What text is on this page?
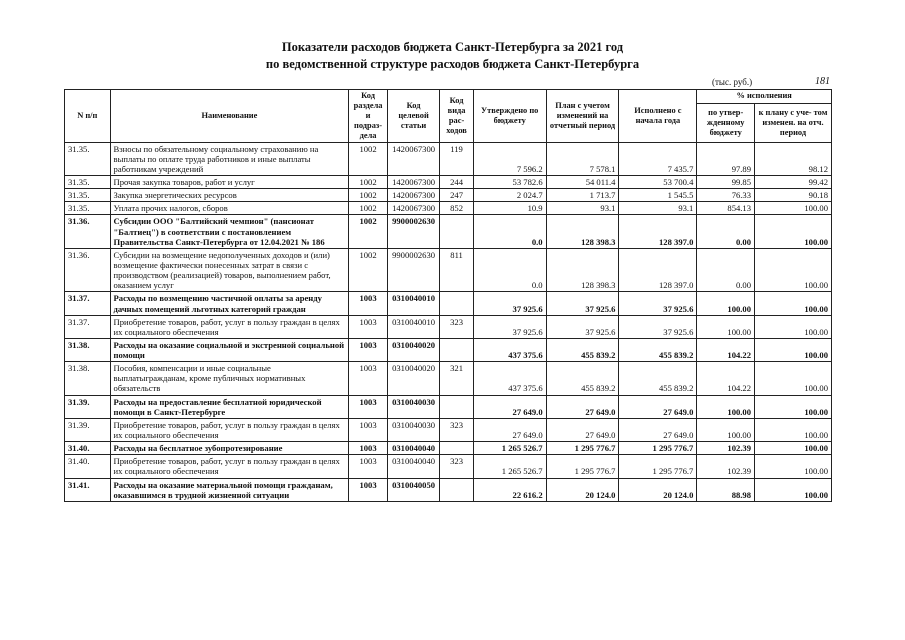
Показатели расходов бюджета Санкт-Петербурга за 2021 год
по ведомственной структуре расходов бюджета Санкт-Петербурга
(тыс. руб.)	181
N п/п	Наименование	Код раздела и подраз- дела	Код целевой статьи	Код вида рас- ходов	Утверждено по бюджету	План с учетом изменений на отчетный период	Исполнено с начала года	% исполнения	
								по утвер- жденному бюджету	к плану с уче- том изменен. на отч. период
31.35.	Взносы по обязательному социальному страхованию на выплаты по оплате труда работников и иные выплаты работникам учреждений	1002	1420067300	119	7 596.2	7 578.1	7 435.7	97.89	98.12
31.35.	Прочая закупка товаров, работ и услуг	1002	1420067300	244	53 782.6	54 011.4	53 700.4	99.85	99.42
31.35.	Закупка энергетических ресурсов	1002	1420067300	247	2 024.7	1 713.7	1 545.5	76.33	90.18
31.35.	Уплата прочих налогов, сборов	1002	1420067300	852	10.9	93.1	93.1	854.13	100.00
31.36.	Субсидии ООО "Балтийский чемпион" (пансионат "Балтиец") в соответствии с постановлением Правительства Санкт-Петербурга от 12.04.2021 № 186	1002	9900002630		0.0	128 398.3	128 397.0	0.00	100.00
31.36.	Субсидии на возмещение недополученных доходов и (или) возмещение фактически понесенных затрат в связи с производством (реализацией) товаров, выполнением работ, оказанием услуг	1002	9900002630	811	0.0	128 398.3	128 397.0	0.00	100.00
31.37.	Расходы по возмещению частичной оплаты за аренду дачных помещений льготных категорий граждан	1003	0310040010		37 925.6	37 925.6	37 925.6	100.00	100.00
31.37.	Приобретение товаров, работ, услуг в пользу граждан в целях их социального обеспечения	1003	0310040010	323	37 925.6	37 925.6	37 925.6	100.00	100.00
31.38.	Расходы на оказание социальной и экстренной социальной помощи	1003	0310040020		437 375.6	455 839.2	455 839.2	104.22	100.00
31.38.	Пособия, компенсации и иные социальные выплатыгражданам, кроме публичных нормативных обязательств	1003	0310040020	321	437 375.6	455 839.2	455 839.2	104.22	100.00
31.39.	Расходы на предоставление бесплатной юридической помощи в Санкт-Петербурге	1003	0310040030		27 649.0	27 649.0	27 649.0	100.00	100.00
31.39.	Приобретение товаров, работ, услуг в пользу граждан в целях их социального обеспечения	1003	0310040030	323	27 649.0	27 649.0	27 649.0	100.00	100.00
31.40.	Расходы на бесплатное зубопротезирование	1003	0310040040		1 265 526.7	1 295 776.7	1 295 776.7	102.39	100.00
31.40.	Приобретение товаров, работ, услуг в пользу граждан в целях их социального обеспечения	1003	0310040040	323	1 265 526.7	1 295 776.7	1 295 776.7	102.39	100.00
31.41.	Расходы на оказание материальной помощи гражданам, оказавшимся в трудной жизненной ситуации	1003	0310040050		22 616.2	20 124.0	20 124.0	88.98	100.00
